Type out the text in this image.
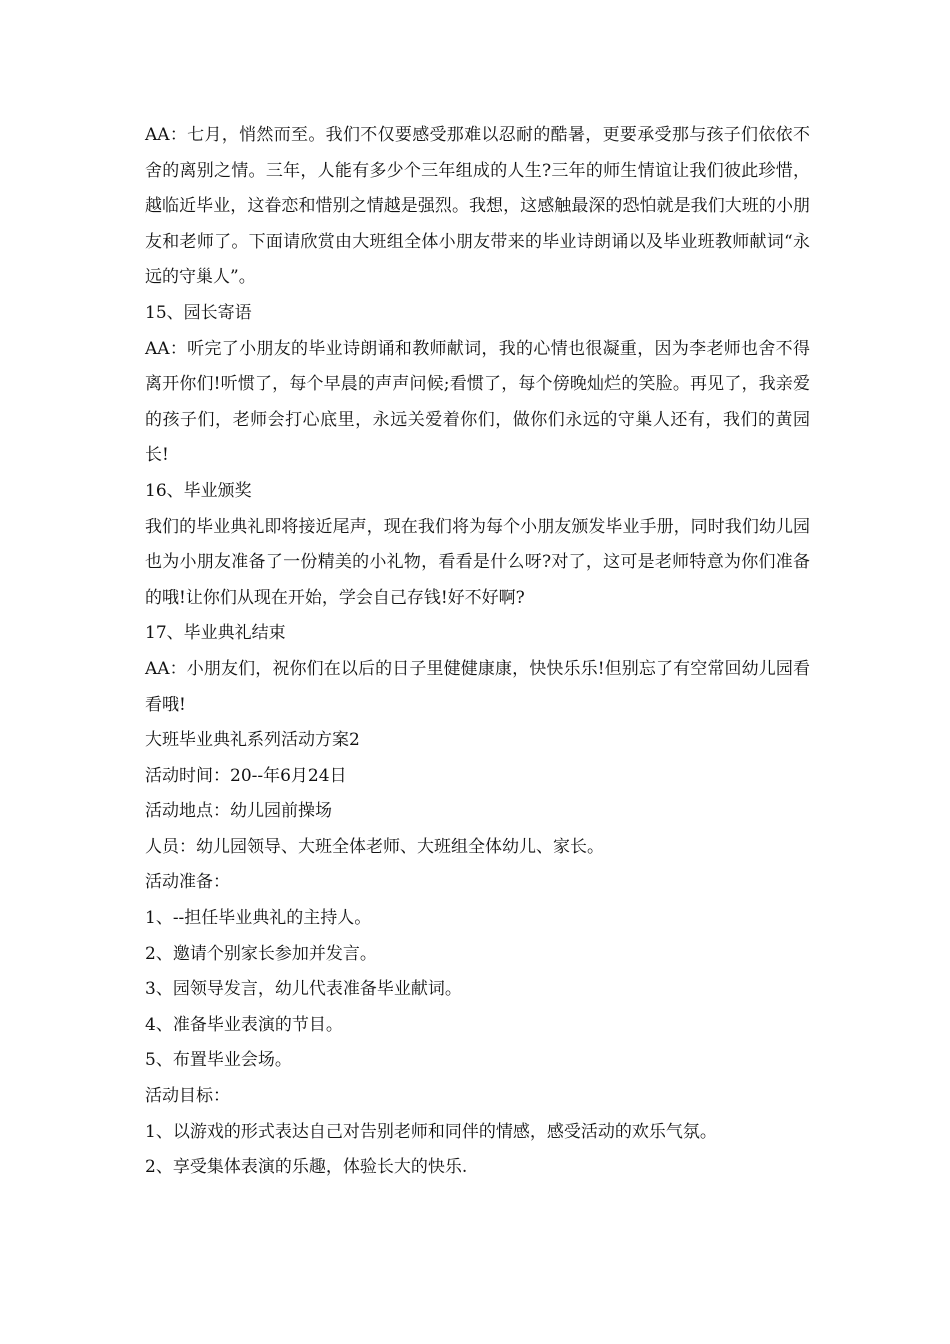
AA：七月，悄然而至。我们不仅要感受那难以忍耐的酷暑，更要承受那与孩子们依依不舍的离别之情。三年，人能有多少个三年组成的人生?三年的师生情谊让我们彼此珍惜，越临近毕业，这眷恋和惜别之情越是强烈。我想，这感触最深的恐怕就是我们大班的小朋友和老师了。下面请欣赏由大班组全体小朋友带来的毕业诗朗诵以及毕业班教师献词“永远的守巢人”。

15、园长寄语

AA：听完了小朋友的毕业诗朗诵和教师献词，我的心情也很凝重，因为李老师也舍不得离开你们!听惯了，每个早晨的声声问候;看惯了，每个傍晚灿烂的笑脸。再见了，我亲爱的孩子们，老师会打心底里，永远关爱着你们，做你们永远的守巢人还有，我们的黄园长!

16、毕业颁奖

我们的毕业典礼即将接近尾声，现在我们将为每个小朋友颁发毕业手册，同时我们幼儿园也为小朋友准备了一份精美的小礼物，看看是什么呀?对了，这可是老师特意为你们准备的哦!让你们从现在开始，学会自己存钱!好不好啊?

17、毕业典礼结束

AA：小朋友们，祝你们在以后的日子里健健康康，快快乐乐!但别忘了有空常回幼儿园看看哦!

大班毕业典礼系列活动方案2

活动时间：20--年6月24日

活动地点：幼儿园前操场

人员：幼儿园领导、大班全体老师、大班组全体幼儿、家长。

活动准备：

1、--担任毕业典礼的主持人。

2、邀请个别家长参加并发言。

3、园领导发言，幼儿代表准备毕业献词。

4、准备毕业表演的节目。

5、布置毕业会场。

活动目标：

1、以游戏的形式表达自己对告别老师和同伴的情感，感受活动的欢乐气氛。

2、享受集体表演的乐趣，体验长大的快乐.
